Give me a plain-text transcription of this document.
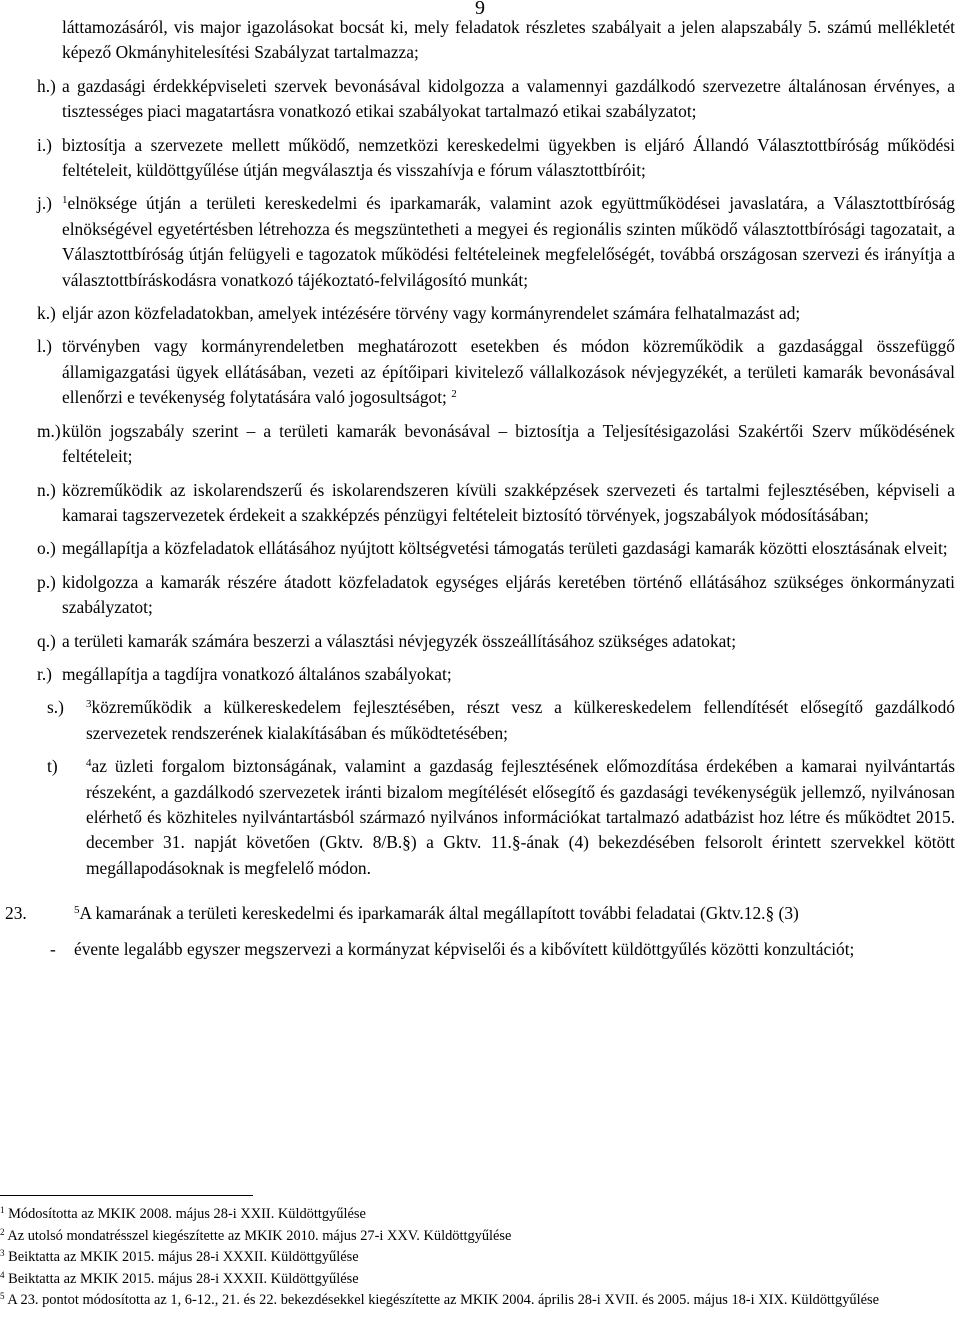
9
láttamozásáról, vis major igazolásokat bocsát ki, mely feladatok részletes szabályait a jelen alapszabály 5. számú mellékletét képező Okmányhitelesítési Szabályzat tartalmazza;
h.) a gazdasági érdekképviseleti szervek bevonásával kidolgozza a valamennyi gazdálkodó szervezetre általánosan érvényes, a tisztességes piaci magatartásra vonatkozó etikai szabályokat tartalmazó etikai szabályzatot;
i.) biztosítja a szervezete mellett működő, nemzetközi kereskedelmi ügyekben is eljáró Állandó Választottbíróság működési feltételeit, küldöttgyűlése útján megválasztja és visszahívja e fórum választottbíróit;
j.) $^1$elnöksége útján a területi kereskedelmi és iparkamarák, valamint azok együttműködései javaslatára, a Választottbíróság elnökségével egyetértésben létrehozza és megszüntetheti a megyei és regionális szinten működő választottbírósági tagozatait, a Választottbíróság útján felügyeli e tagozatok működési feltételeinek megfelelőségét, továbbá országosan szervezi és irányítja a választottbíráskodásra vonatkozó tájékoztató-felvilágosító munkát;
k.) eljár azon közfeladatokban, amelyek intézésére törvény vagy kormányrendelet számára felhatalmazást ad;
l.) törvényben vagy kormányrendeletben meghatározott esetekben és módon közreműködik a gazdasággal összefüggő államigazgatási ügyek ellátásában, vezeti az építőipari kivitelező vállalkozások névjegyzékét, a területi kamarák bevonásával ellenőrzi e tevékenység folytatására való jogosultságot; $^2$
m.) külön jogszabály szerint – a területi kamarák bevonásával – biztosítja a Teljesítésigazolási Szakértői Szerv működésének feltételeit;
n.) közreműködik az iskolarendszerű és iskolarendszeren kívüli szakképzések szervezeti és tartalmi fejlesztésében, képviseli a kamarai tagszervezetek érdekeit a szakképzés pénzügyi feltételeit biztosító törvények, jogszabályok módosításában;
o.) megállapítja a közfeladatok ellátásához nyújtott költségvetési támogatás területi gazdasági kamarák közötti elosztásának elveit;
p.) kidolgozza a kamarák részére átadott közfeladatok egységes eljárás keretében történő ellátásához szükséges önkormányzati szabályzatot;
q.) a területi kamarák számára beszerzi a választási névjegyzék összeállításához szükséges adatokat;
r.) megállapítja a tagdíjra vonatkozó általános szabályokat;
s.) $^3$közreműködik a külkereskedelem fejlesztésében, részt vesz a külkereskedelem fellendítését elősegítő gazdálkodó szervezetek rendszerének kialakításában és működtetésében;
t)	$^4$az üzleti forgalom biztonságának, valamint a gazdaság fejlesztésének előmozdítása érdekében a kamarai nyilvántartás részeként, a gazdálkodó szervezetek iránti bizalom megítélését elősegítő és gazdasági tevékenységük jellemző, nyilvánosan elérhető és közhiteles nyilvántartásból származó nyilvános információkat tartalmazó adatbázist hoz létre és működtet 2015. december 31. napját követően (Gktv. 8/B.§) a Gktv. 11.§-ának (4) bekezdésében felsorolt érintett szervekkel kötött megállapodásoknak is megfelelő módon.
23.	$^5$A kamarának a területi kereskedelmi és iparkamarák által megállapított további feladatai (Gktv.12.§ (3)
- évente legalább egyszer megszervezi a kormányzat képviselői és a kibővített küldöttgyűlés közötti konzultációt;

$^1$ Módosította az MKIK 2008. május 28-i XXII. Küldöttgyűlése

$^2$ Az utolsó mondatrésszel kiegészítette az MKIK 2010. május 27-i XXV. Küldöttgyűlése

$^3$ Beiktatta az MKIK 2015. május 28-i XXXII. Küldöttgyűlése

$^4$ Beiktatta az MKIK 2015. május 28-i XXXII. Küldöttgyűlése

$^5$ A 23. pontot módosította az 1, 6-12., 21. és 22. bekezdésekkel kiegészítette az MKIK 2004. április 28-i XVII. és 2005. május 18-i XIX. Küldöttgyűlése
